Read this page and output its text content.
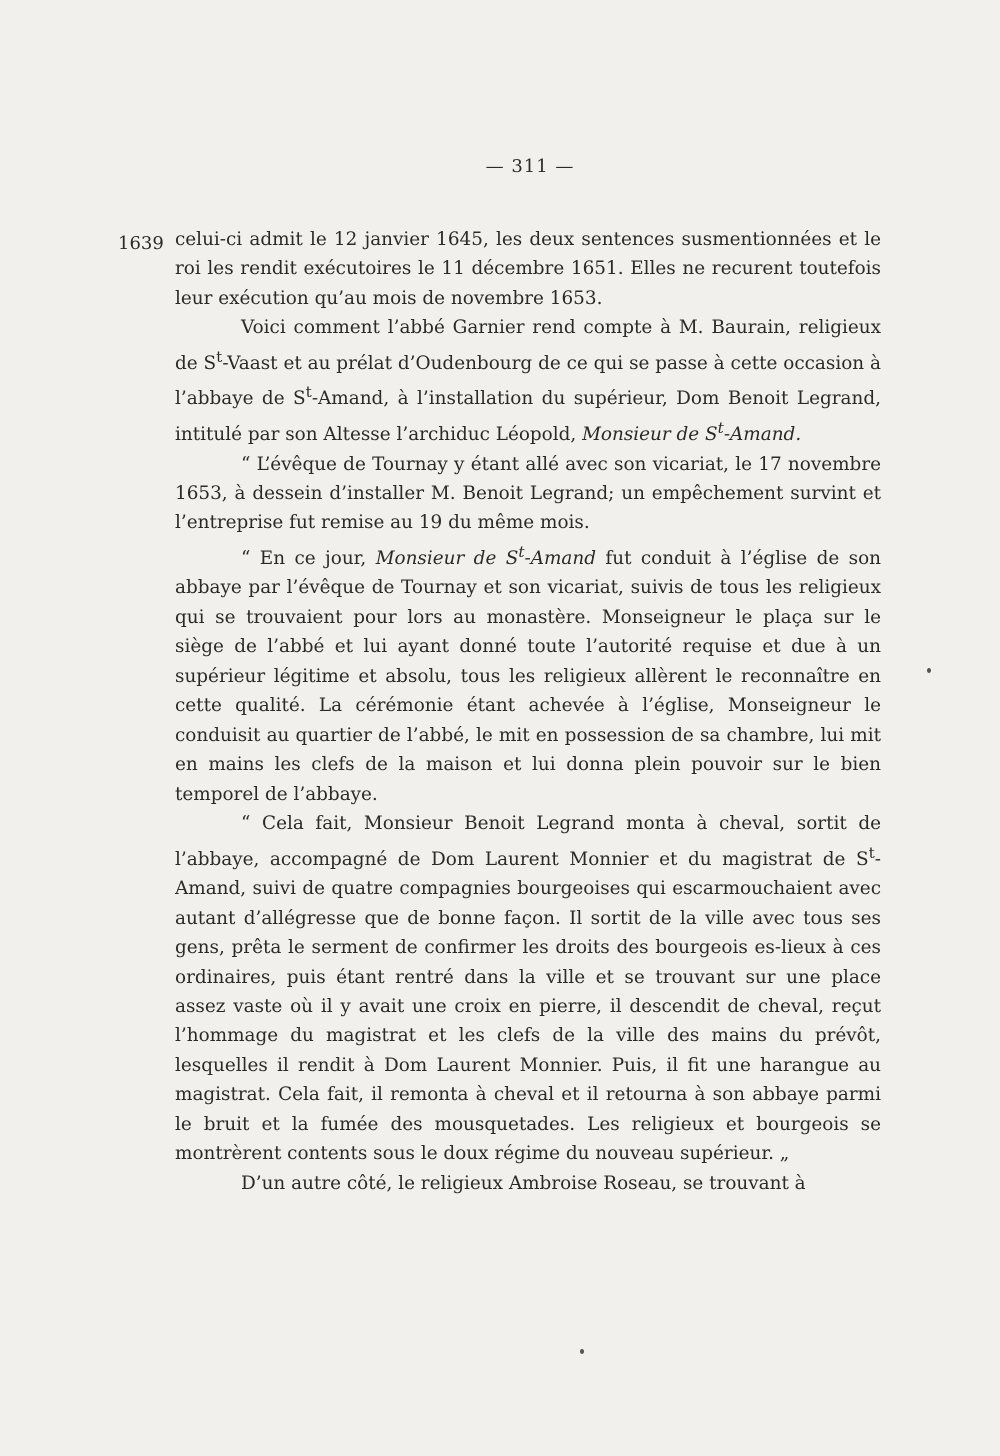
— 311 —
1639 celui-ci admit le 12 janvier 1645, les deux sentences susmentionnées et le roi les rendit exécutoires le 11 décembre 1651. Elles ne recurent toutefois leur exécution qu’au mois de novembre 1653.

Voici comment l’abbé Garnier rend compte à M. Baurain, religieux de $S^t$-Vaast et au prélat d’Oudenbourg de ce qui se passe à cette occasion à l’abbaye de $S^t$-Amand, à l’installation du supérieur, Dom Benoit Legrand, intitulé par son Altesse l’archiduc Léopold, Monsieur de $S^t$-Amand.

“ L’évêque de Tournay y étant allé avec son vicariat, le 17 novembre 1653, à dessein d’installer M. Benoit Legrand; un empêchement survint et l’entreprise fut remise au 19 du même mois.

“ En ce jour, Monsieur de $S^t$-Amand fut conduit à l’église de son abbaye par l’évêque de Tournay et son vicariat, suivis de tous les religieux qui se trouvaient pour lors au monastère. Monseigneur le plaça sur le siège de l’abbé et lui ayant donné toute l’autorité requise et due à un supérieur légitime et absolu, tous les religieux allèrent le reconnaître en cette qualité. La cérémonie étant achevée à l’église, Monseigneur le conduisit au quartier de l’abbé, le mit en possession de sa chambre, lui mit en mains les clefs de la maison et lui donna plein pouvoir sur le bien temporel de l’abbaye.

“ Cela fait, Monsieur Benoit Legrand monta à cheval, sortit de l’abbaye, accompagné de Dom Laurent Monnier et du magistrat de $S^t$-Amand, suivi de quatre compagnies bourgeoises qui escarmouchaient avec autant d’allégresse que de bonne façon. Il sortit de la ville avec tous ses gens, prêta le serment de confirmer les droits des bourgeois es-lieux à ces ordinaires, puis étant rentré dans la ville et se trouvant sur une place assez vaste où il y avait une croix en pierre, il descendit de cheval, reçut l’hommage du magistrat et les clefs de la ville des mains du prévôt, lesquelles il rendit à Dom Laurent Monnier. Puis, il fit une harangue au magistrat. Cela fait, il remonta à cheval et il retourna à son abbaye parmi le bruit et la fumée des mousquetades. Les religieux et bourgeois se montrèrent contents sous le doux régime du nouveau supérieur. „

D’un autre côté, le religieux Ambroise Roseau, se trouvant à
